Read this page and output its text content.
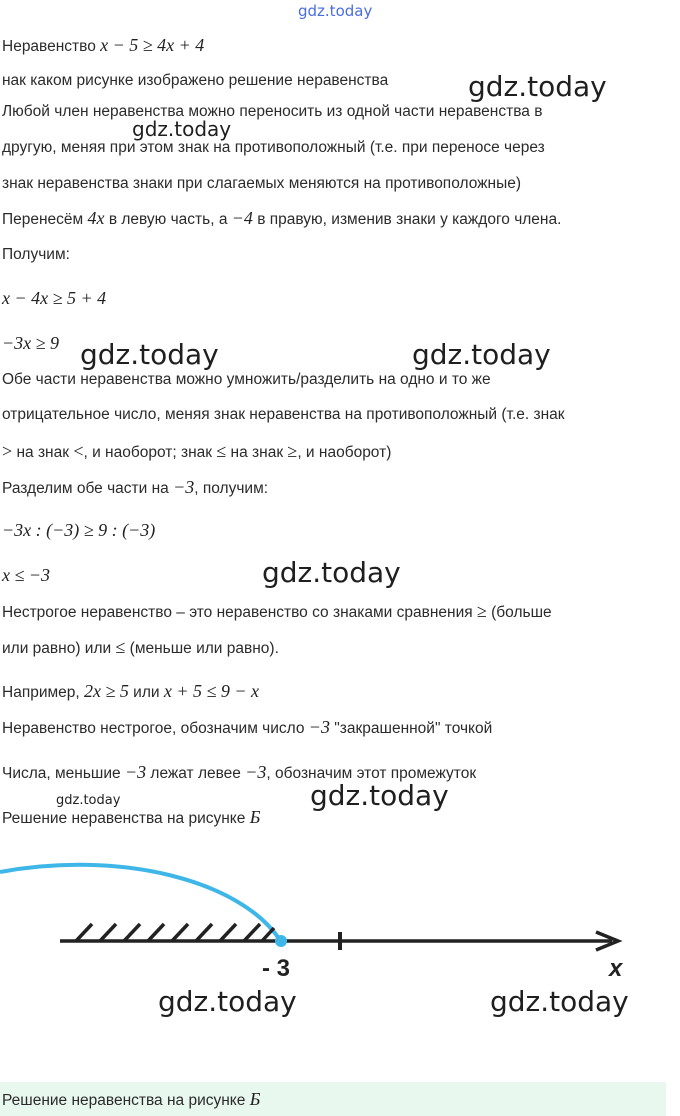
gdz.today
gdz.today
gdz.today
gdz.today	gdz.today
gdz.today
gdz.today	gdz.today
gdz.today	gdz.today
Неравенство x − 5 ≥ 4x + 4
нак каком рисунке изображено решение неравенства
Любой член неравенства можно переносить из одной части неравенства в
другую, меняя при этом знак на противоположный (т.е. при переносе через
знак неравенства знаки при слагаемых меняются на противоположные)
Перенесём 4x в левую часть, а −4 в правую, изменив знаки у каждого члена.
Получим:
x − 4x ≥ 5 + 4
−3x ≥ 9
Обе части неравенства можно умножить/разделить на одно и то же
отрицательное число, меняя знак неравенства на противоположный (т.е. знак
> на знак <, и наоборот; знак ≤ на знак ≥, и наоборот)
Разделим обе части на −3, получим:
−3x : (−3) ≥ 9 : (−3)
x ≤ −3
Нестрогое неравенство – это неравенство со знаками сравнения ≥ (больше
или равно) или ≤ (меньше или равно).
Например, 2x ≥ 5 или x + 5 ≤ 9 − x
Неравенство нестрогое, обозначим число −3 "закрашенной" точкой
Числа, меньшие −3 лежат левее −3, обозначим этот промежуток
Решение неравенства на рисунке Б
- 3	x
Решение неравенства на рисунке Б
